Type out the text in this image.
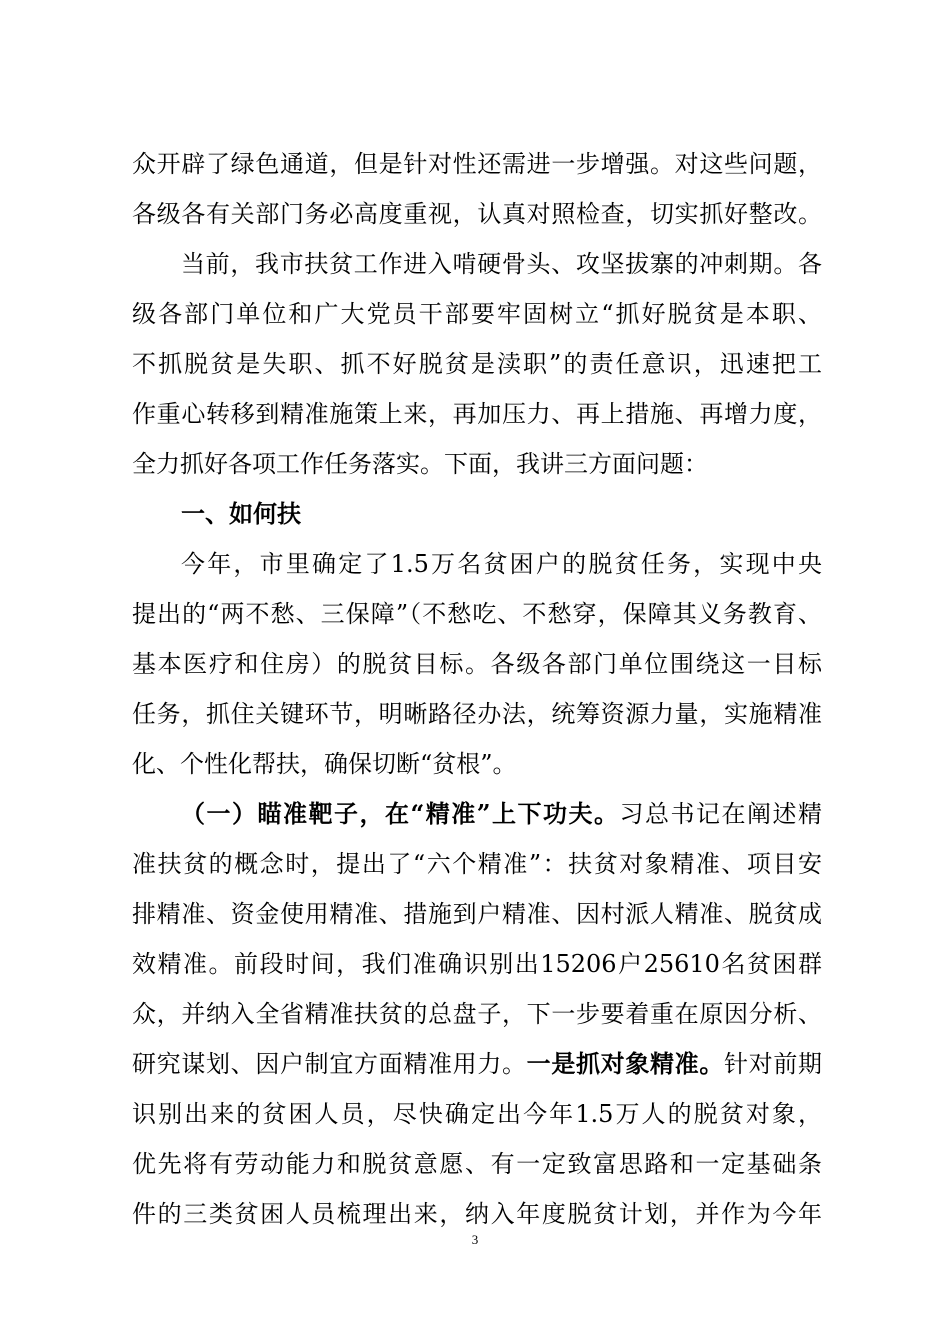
众开辟了绿色通道，但是针对性还需进一步增强。对这些问题，
各级各有关部门务必高度重视，认真对照检查，切实抓好整改。
当前，我市扶贫工作进入啃硬骨头、攻坚拔寨的冲刺期。各
级各部门单位和广大党员干部要牢固树立“抓好脱贫是本职、
不抓脱贫是失职、抓不好脱贫是渎职”的责任意识，迅速把工
作重心转移到精准施策上来，再加压力、再上措施、再增力度，
全力抓好各项工作任务落实。下面，我讲三方面问题：
一、如何扶
今年，市里确定了1.5万名贫困户的脱贫任务，实现中央
提出的“两不愁、三保障”（不愁吃、不愁穿，保障其义务教育、
基本医疗和住房）的脱贫目标。各级各部门单位围绕这一目标
任务，抓住关键环节，明晰路径办法，统筹资源力量，实施精准
化、个性化帮扶，确保切断“贫根”。
（一）瞄准靶子，在“精准”上下功夫。习总书记在阐述精
准扶贫的概念时，提出了“六个精准”：扶贫对象精准、项目安
排精准、资金使用精准、措施到户精准、因村派人精准、脱贫成
效精准。前段时间，我们准确识别出15206户25610名贫困群
众，并纳入全省精准扶贫的总盘子，下一步要着重在原因分析、
研究谋划、因户制宜方面精准用力。一是抓对象精准。针对前期
识别出来的贫困人员，尽快确定出今年1.5万人的脱贫对象，
优先将有劳动能力和脱贫意愿、有一定致富思路和一定基础条
件的三类贫困人员梳理出来，纳入年度脱贫计划，并作为今年
3
